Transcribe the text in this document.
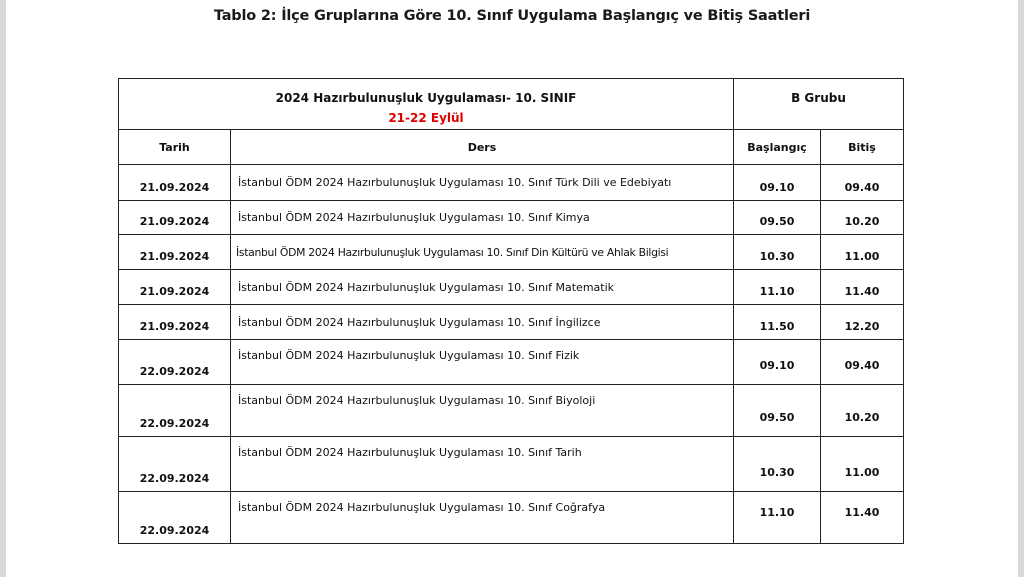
Tablo 2: İlçe Gruplarına Göre 10. Sınıf Uygulama Başlangıç ve Bitiş Saatleri
2024 Hazırbulunuşluk Uygulaması- 10. SINIF
21-22 Eylül		B Grubu	

Tarih	Ders	Başlangıç	Bitiş
21.09.2024	İstanbul ÖDM 2024 Hazırbulunuşluk Uygulaması 10. Sınıf Türk Dili ve Edebiyatı	09.10	09.40
21.09.2024	İstanbul ÖDM 2024 Hazırbulunuşluk Uygulaması 10. Sınıf Kimya	09.50	10.20
21.09.2024	İstanbul ÖDM 2024 Hazırbulunuşluk Uygulaması 10. Sınıf Din Kültürü ve Ahlak Bilgisi	10.30	11.00
21.09.2024	İstanbul ÖDM 2024 Hazırbulunuşluk Uygulaması 10. Sınıf Matematik	11.10	11.40
21.09.2024	İstanbul ÖDM 2024 Hazırbulunuşluk Uygulaması 10. Sınıf İngilizce	11.50	12.20
22.09.2024	İstanbul ÖDM 2024 Hazırbulunuşluk Uygulaması 10. Sınıf Fizik	09.10	09.40
22.09.2024	İstanbul ÖDM 2024 Hazırbulunuşluk Uygulaması 10. Sınıf Biyoloji	09.50	10.20
22.09.2024	İstanbul ÖDM 2024 Hazırbulunuşluk Uygulaması 10. Sınıf Tarih	10.30	11.00
22.09.2024	İstanbul ÖDM 2024 Hazırbulunuşluk Uygulaması 10. Sınıf Coğrafya	11.10	11.40
